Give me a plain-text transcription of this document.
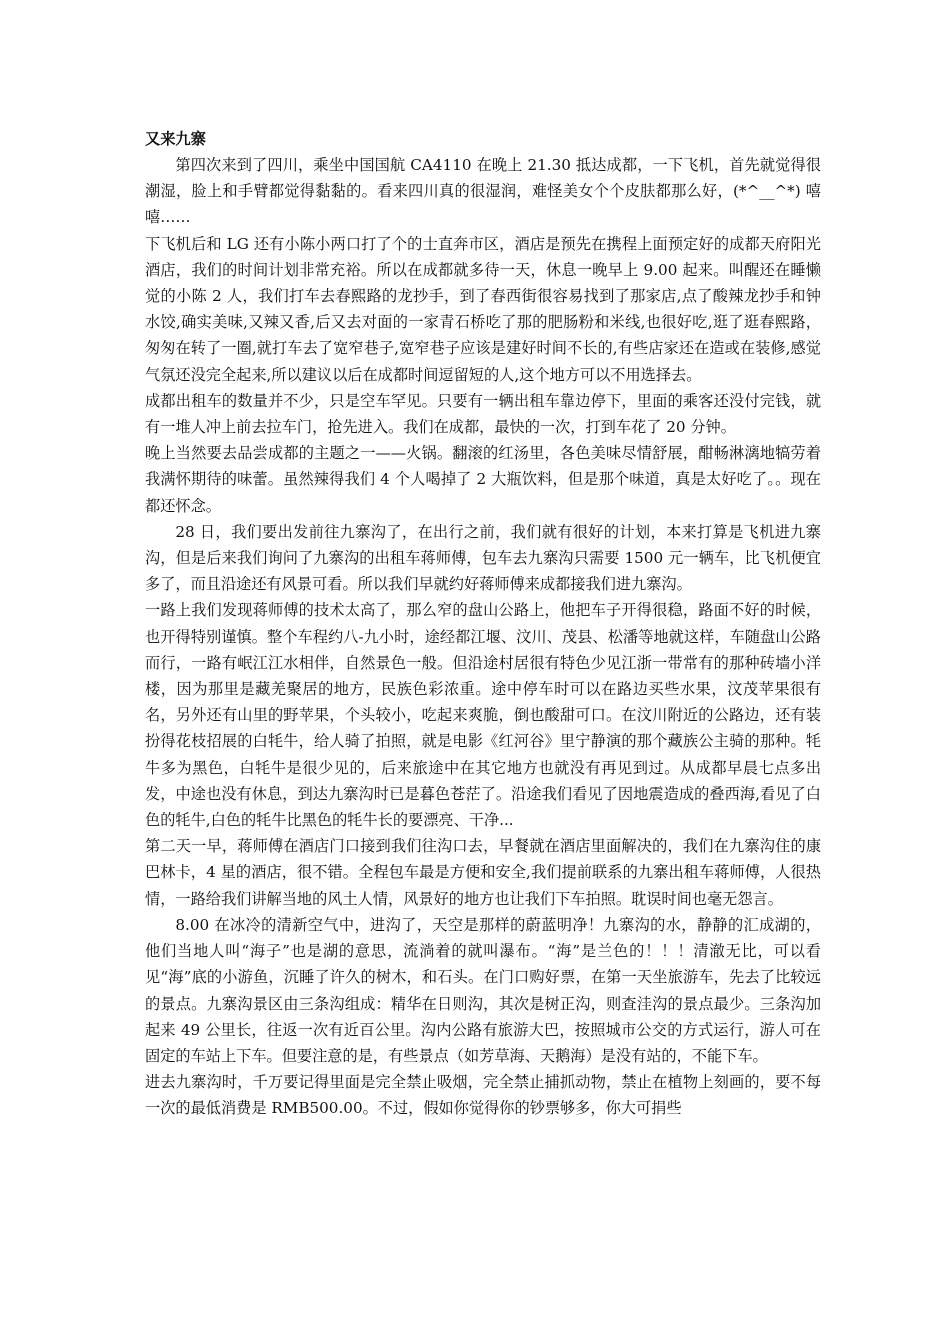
又来九寨

第四次来到了四川，乘坐中国国航 CA4110 在晚上 21.30 抵达成都，一下飞机，首先就觉得很潮湿，脸上和手臂都觉得黏黏的。看来四川真的很湿润，难怪美女个个皮肤都那么好，(*^__^*) 嘻嘻……

下飞机后和 LG 还有小陈小两口打了个的士直奔市区，酒店是预先在携程上面预定好的成都天府阳光酒店，我们的时间计划非常充裕。所以在成都就多待一天，休息一晚早上 9.00 起来。叫醒还在睡懒觉的小陈 2 人，我们打车去春熙路的龙抄手，到了春西街很容易找到了那家店,点了酸辣龙抄手和钟水饺,确实美味,又辣又香,后又去对面的一家青石桥吃了那的肥肠粉和米线,也很好吃,逛了逛春熙路，匆匆在转了一圈,就打车去了宽窄巷子,宽窄巷子应该是建好时间不长的,有些店家还在造或在装修,感觉气氛还没完全起来,所以建议以后在成都时间逗留短的人,这个地方可以不用选择去。

成都出租车的数量并不少，只是空车罕见。只要有一辆出租车靠边停下，里面的乘客还没付完钱，就有一堆人冲上前去拉车门，抢先进入。我们在成都，最快的一次，打到车花了 20 分钟。

晚上当然要去品尝成都的主题之一——火锅。翻滚的红汤里，各色美味尽情舒展，酣畅淋漓地犒劳着我满怀期待的味蕾。虽然辣得我们 4 个人喝掉了 2 大瓶饮料，但是那个味道，真是太好吃了。。现在都还怀念。

28 日，我们要出发前往九寨沟了，在出行之前，我们就有很好的计划，本来打算是飞机进九寨沟，但是后来我们询问了九寨沟的出租车蒋师傅，包车去九寨沟只需要 1500 元一辆车，比飞机便宜多了，而且沿途还有风景可看。所以我们早就约好蒋师傅来成都接我们进九寨沟。

一路上我们发现蒋师傅的技术太高了，那么窄的盘山公路上，他把车子开得很稳，路面不好的时候，也开得特别谨慎。整个车程约八-九小时，途经都江堰、汶川、茂县、松潘等地就这样，车随盘山公路而行，一路有岷江江水相伴，自然景色一般。但沿途村居很有特色少见江浙一带常有的那种砖墙小洋楼，因为那里是藏羌聚居的地方，民族色彩浓重。途中停车时可以在路边买些水果，汶茂苹果很有名，另外还有山里的野苹果，个头较小，吃起来爽脆，倒也酸甜可口。在汶川附近的公路边，还有装扮得花枝招展的白牦牛，给人骑了拍照，就是电影《红河谷》里宁静演的那个藏族公主骑的那种。牦牛多为黑色，白牦牛是很少见的，后来旅途中在其它地方也就没有再见到过。从成都早晨七点多出发，中途也没有休息，到达九寨沟时已是暮色苍茫了。沿途我们看见了因地震造成的叠西海,看见了白色的牦牛,白色的牦牛比黑色的牦牛长的要漂亮、干净...

第二天一早，蒋师傅在酒店门口接到我们往沟口去，早餐就在酒店里面解决的，我们在九寨沟住的康巴林卡，4 星的酒店，很不错。全程包车最是方便和安全,我们提前联系的九寨出租车蒋师傅，人很热情，一路给我们讲解当地的风土人情，风景好的地方也让我们下车拍照。耽误时间也毫无怨言。

8.00 在冰冷的清新空气中，进沟了，天空是那样的蔚蓝明净！九寨沟的水，静静的汇成湖的，他们当地人叫“海子”也是湖的意思，流淌着的就叫瀑布。“海”是兰色的！！！清澈无比，可以看见“海”底的小游鱼，沉睡了许久的树木，和石头。在门口购好票，在第一天坐旅游车，先去了比较远的景点。九寨沟景区由三条沟组成：精华在日则沟，其次是树正沟，则查洼沟的景点最少。三条沟加起来 49 公里长，往返一次有近百公里。沟内公路有旅游大巴，按照城市公交的方式运行，游人可在固定的车站上下车。但要注意的是，有些景点（如芳草海、天鹅海）是没有站的，不能下车。

进去九寨沟时，千万要记得里面是完全禁止吸烟，完全禁止捕抓动物，禁止在植物上刻画的，要不每一次的最低消费是 RMB500.00。不过，假如你觉得你的钞票够多，你大可捐些
